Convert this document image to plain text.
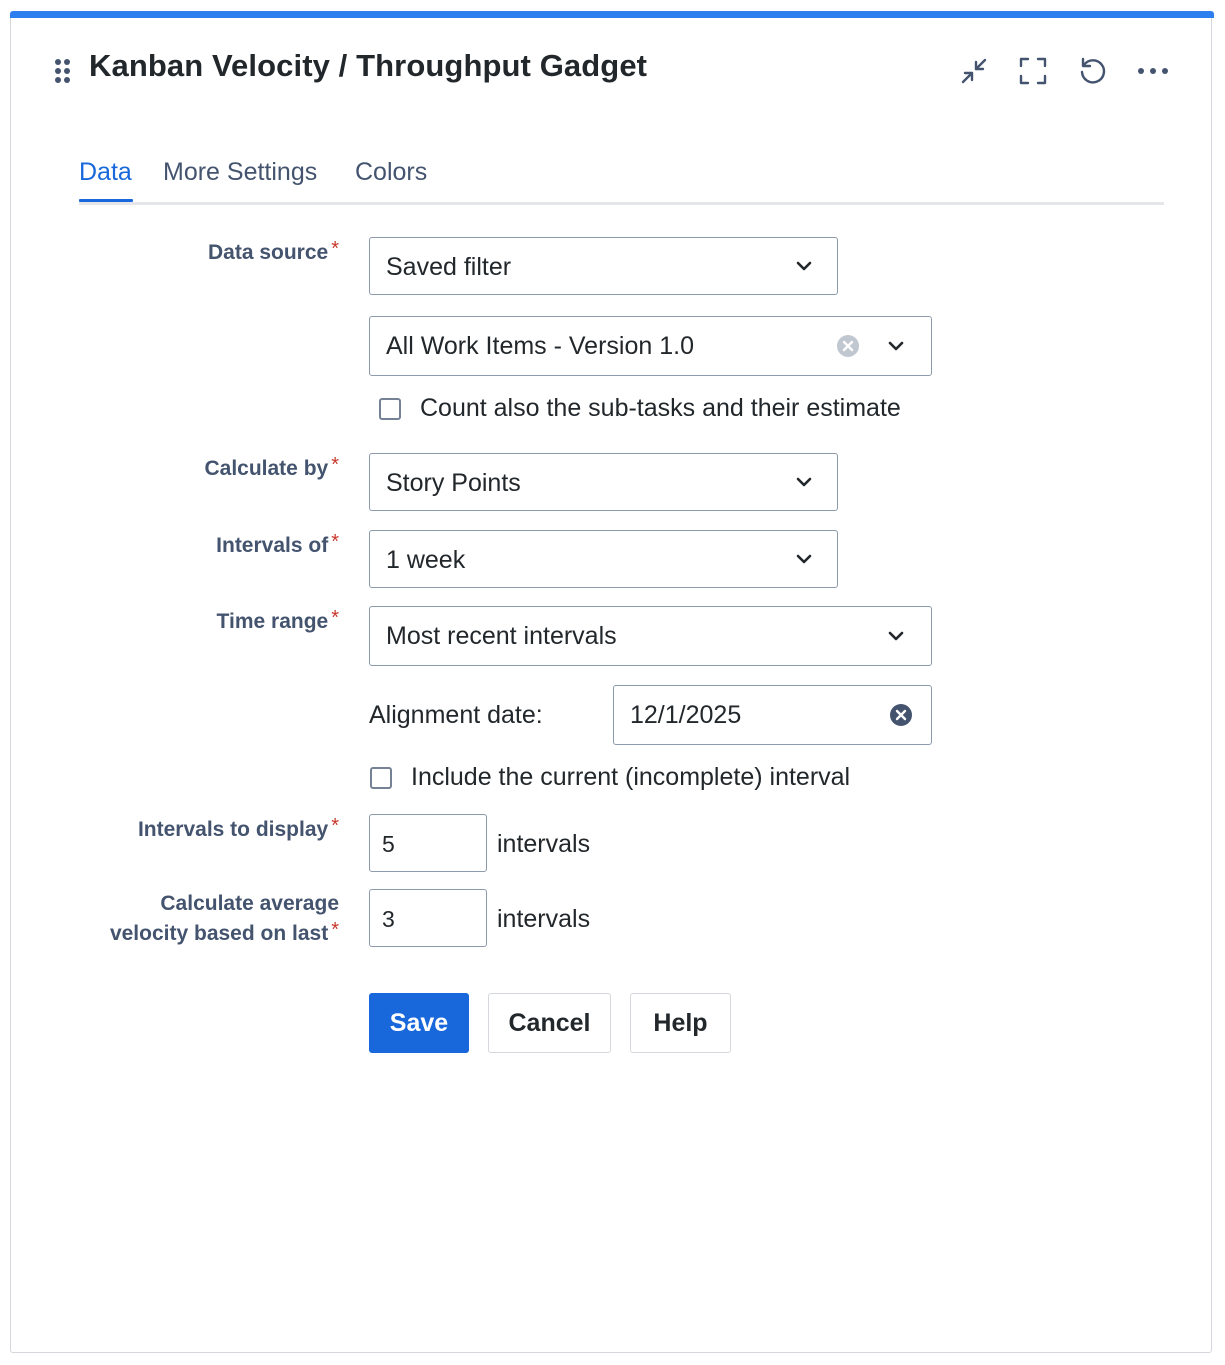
Kanban Velocity / Throughput Gadget
Data More Settings Colors
Data source *
Saved filter
All Work Items - Version 1.0
Count also the sub-tasks and their estimate
Calculate by *
Story Points
Intervals of *
1 week
Time range *
Most recent intervals
Alignment date:	12/1/2025
Include the current (incomplete) interval
Intervals to display *
5	intervals
Calculate average
velocity based on last * 3	intervals
Save	Cancel	Help
